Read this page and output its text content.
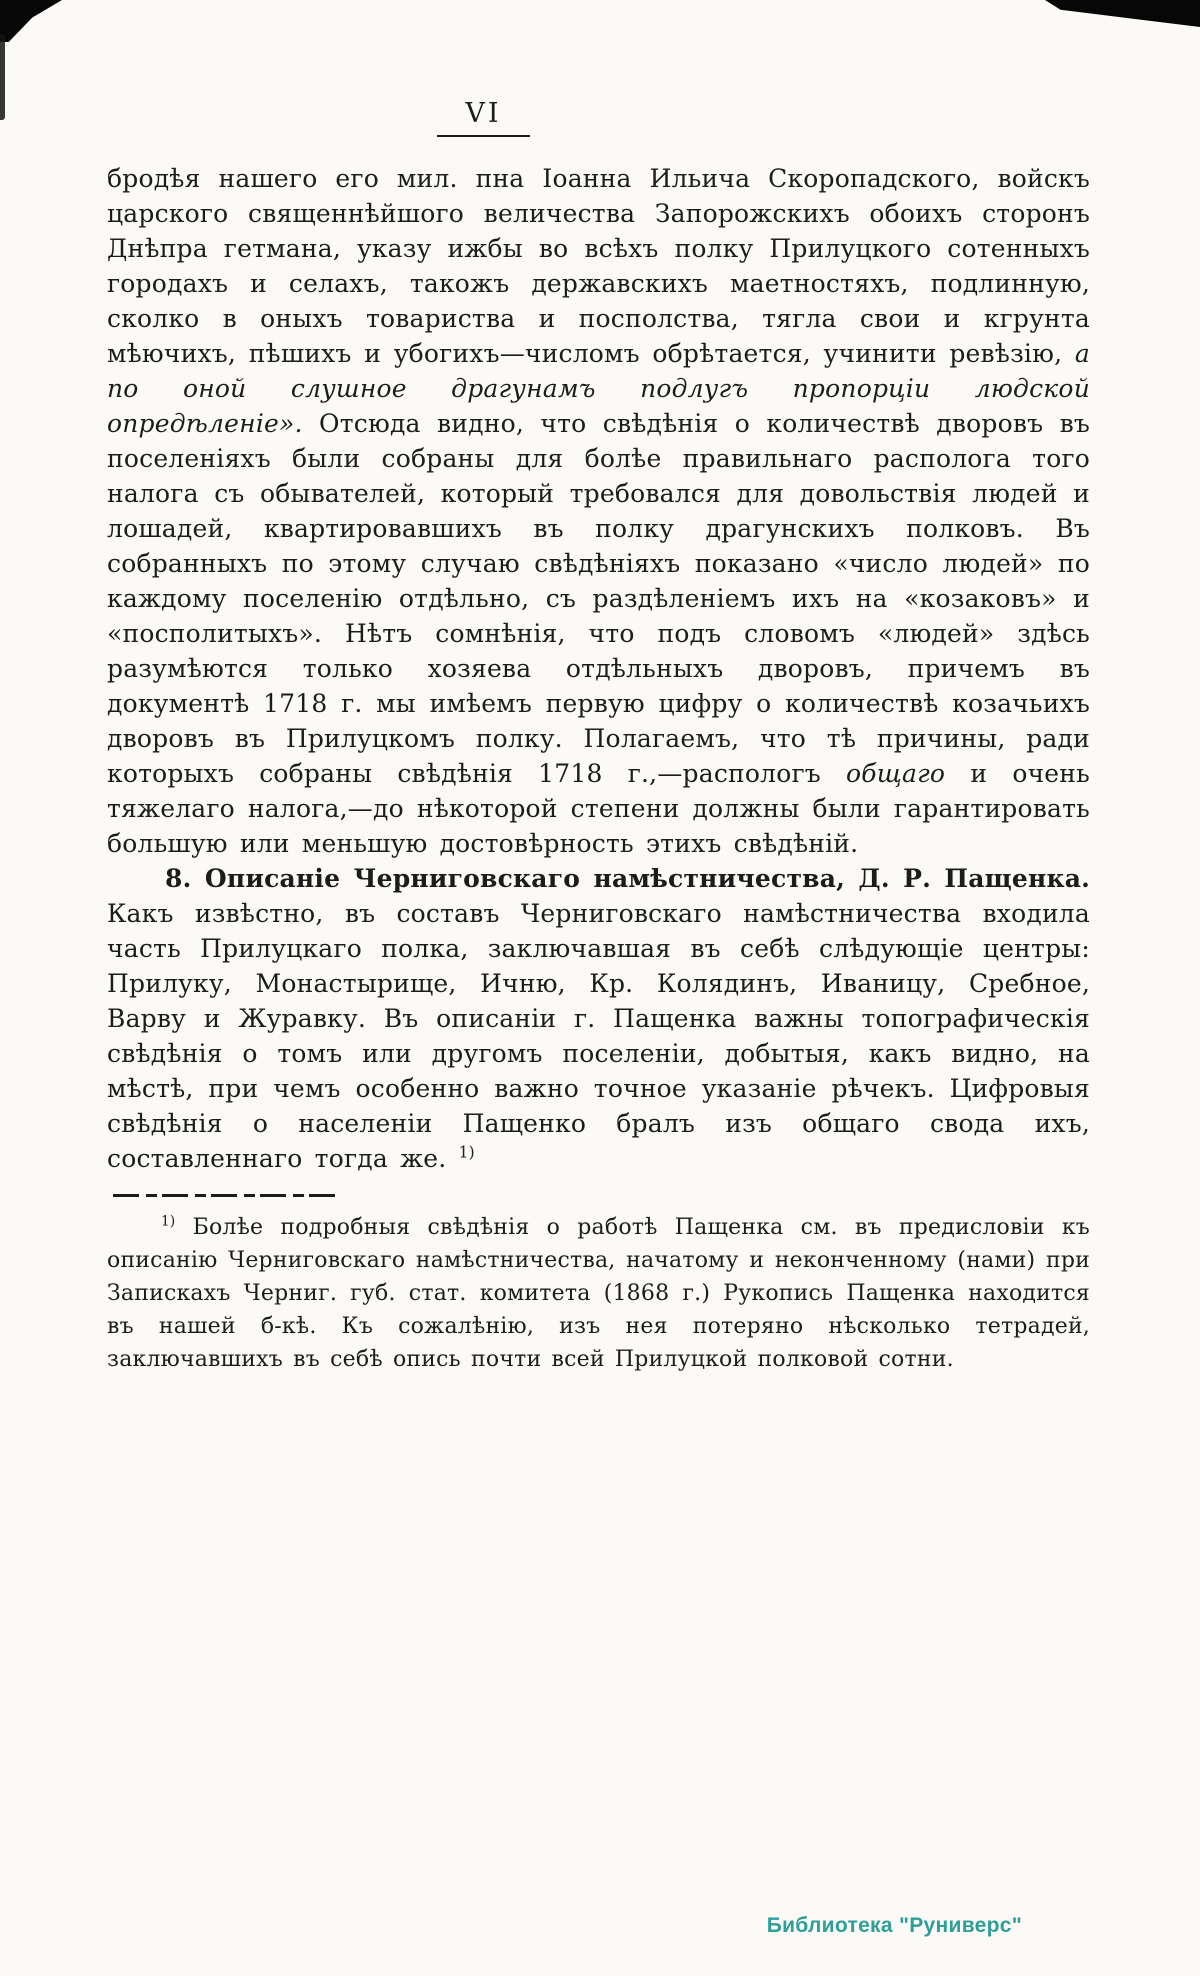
VI

бродѣя нашего его мил. пна Іоанна Ильича Скоропадского, войскъ царского священнѣйшого величества Запорожскихъ обоихъ сторонъ Днѣпра гетмана, указу ижбы во всѣхъ полку Прилуцкого сотенныхъ городахъ и селахъ, такожъ державскихъ маетностяхъ, подлинную, сколко в оныхъ товариства и посполства, тягла свои и кгрунта мѣючихъ, пѣшихъ и убогихъ—числомъ обрѣтается, учинити ревѣзію, а по оной слушное драгунамъ подлугъ пропорціи людской опредѣленіе». Отсюда видно, что свѣдѣнія о количествѣ дворовъ въ поселеніяхъ были собраны для болѣе правильнаго располога того налога съ обывателей, который требовался для довольствія людей и лошадей, квартировавшихъ въ полку драгунскихъ полковъ. Въ собранныхъ по этому случаю свѣдѣніяхъ показано «число людей» по каждому поселенію отдѣльно, съ раздѣленіемъ ихъ на «козаковъ» и «посполитыхъ». Нѣтъ сомнѣнія, что подъ словомъ «людей» здѣсь разумѣются только хозяева отдѣльныхъ дворовъ, причемъ въ документѣ 1718 г. мы имѣемъ первую цифру о количествѣ козачьихъ дворовъ въ Прилуцкомъ полку. Полагаемъ, что тѣ причины, ради которыхъ собраны свѣдѣнія 1718 г.,—распологъ общаго и очень тяжелаго налога,—до нѣкоторой степени должны были гарантировать большую или меньшую достовѣрность этихъ свѣдѣній.

8. Описаніе Черниговскаго намѣстничества, Д. Р. Пащенка. Какъ извѣстно, въ составъ Черниговскаго намѣстничества входила часть Прилуцкаго полка, заключавшая въ себѣ слѣдующіе центры: Прилуку, Монастырище, Ичню, Кр. Колядинъ, Иваницу, Сребное, Варву и Журавку. Въ описаніи г. Пащенка важны топографическія свѣдѣнія о томъ или другомъ поселеніи, добытыя, какъ видно, на мѣстѣ, при чемъ особенно важно точное указаніе рѣчекъ. Цифровыя свѣдѣнія о населеніи Пащенко бралъ изъ общаго свода ихъ, составленнаго тогда же. $^{1)}$

$^{1)}$ Болѣе подробныя свѣдѣнія о работѣ Пащенка см. въ предисловіи къ описанію Черниговскаго намѣстничества, начатому и неконченному (нами) при Запискахъ Черниг. губ. стат. комитета (1868 г.) Рукопись Пащенка находится въ нашей б-кѣ. Къ сожалѣнію, изъ нея потеряно нѣсколько тетрадей, заключавшихъ въ себѣ опись почти всей Прилуцкой полковой сотни.

Библиотека "Руниверс"
